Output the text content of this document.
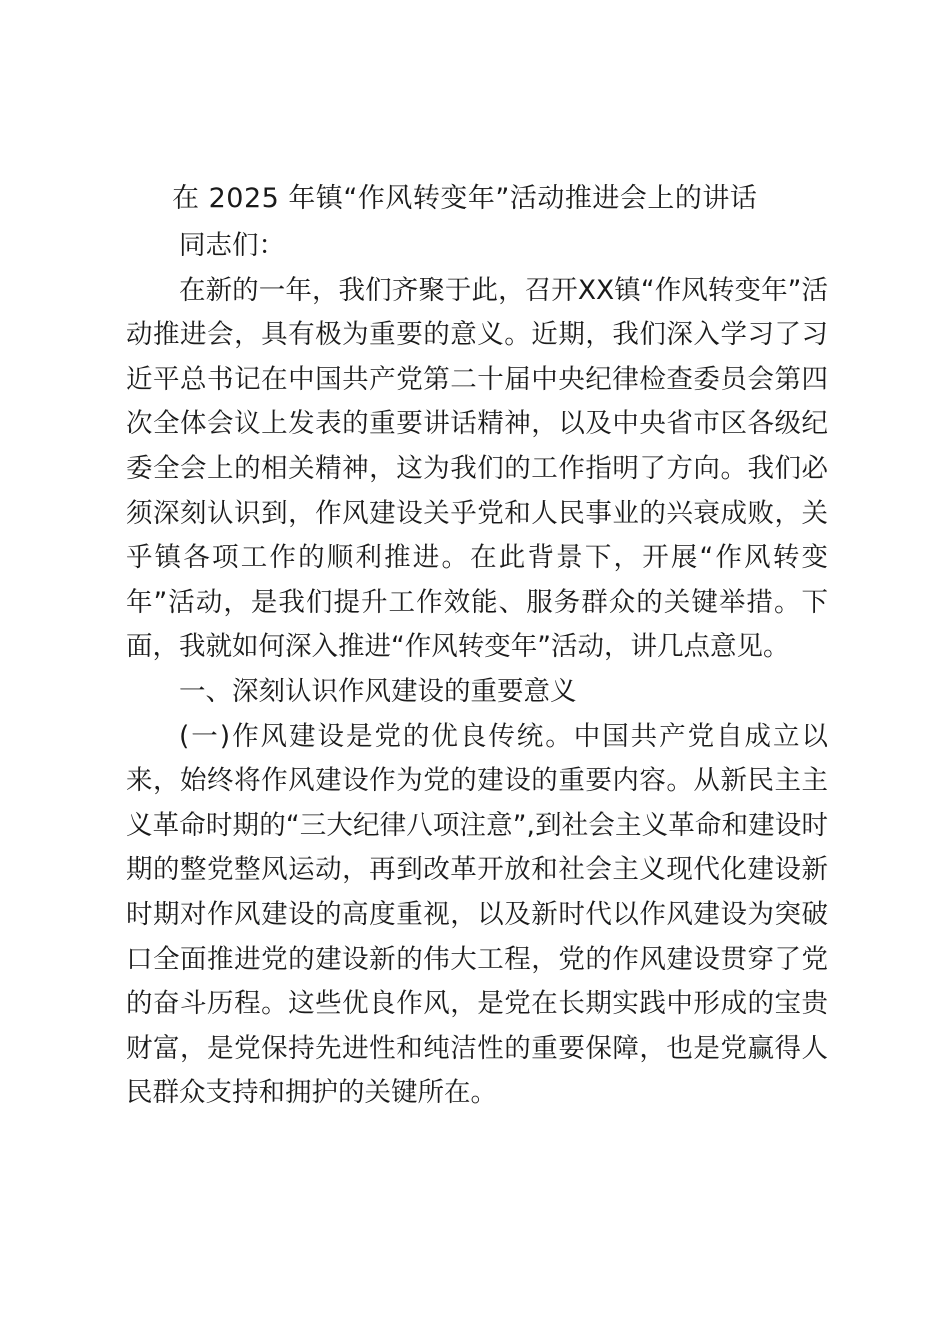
在 2025 年镇“作风转变年”活动推进会上的讲话

同志们：

在新的一年，我们齐聚于此，召开XX镇“作风转变年”活动推进会，具有极为重要的意义。近期，我们深入学习了习近平总书记在中国共产党第二十届中央纪律检查委员会第四次全体会议上发表的重要讲话精神，以及中央省市区各级纪委全会上的相关精神，这为我们的工作指明了方向。我们必须深刻认识到，作风建设关乎党和人民事业的兴衰成败，关乎镇各项工作的顺利推进。在此背景下，开展“作风转变年”活动，是我们提升工作效能、服务群众的关键举措。下面，我就如何深入推进“作风转变年”活动，讲几点意见。

一、深刻认识作风建设的重要意义

(一)作风建设是党的优良传统。中国共产党自成立以来，始终将作风建设作为党的建设的重要内容。从新民主主义革命时期的“三大纪律八项注意”,到社会主义革命和建设时期的整党整风运动，再到改革开放和社会主义现代化建设新时期对作风建设的高度重视，以及新时代以作风建设为突破口全面推进党的建设新的伟大工程，党的作风建设贯穿了党的奋斗历程。这些优良作风，是党在长期实践中形成的宝贵财富，是党保持先进性和纯洁性的重要保障，也是党赢得人民群众支持和拥护的关键所在。
